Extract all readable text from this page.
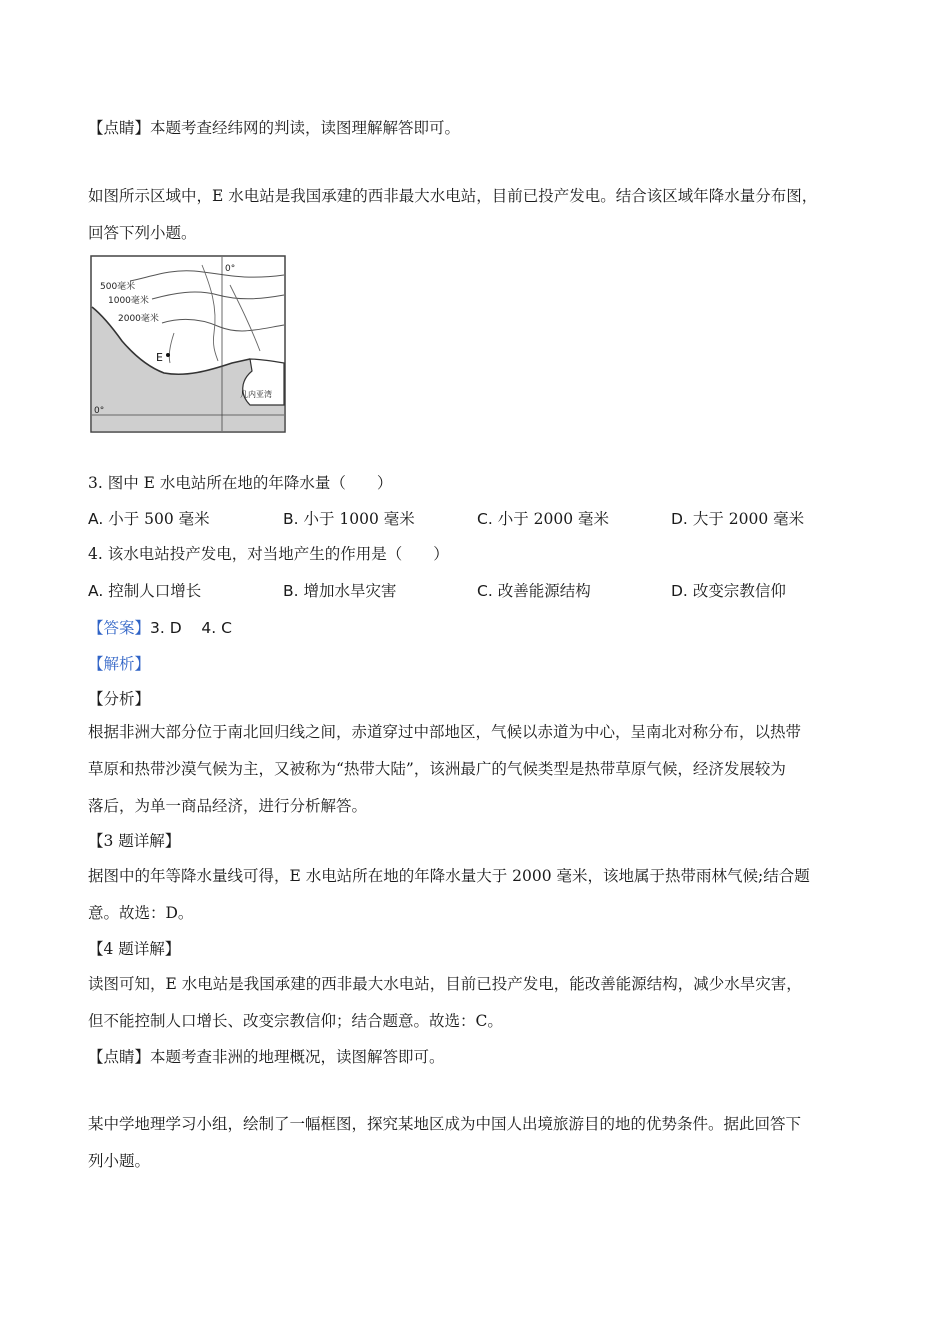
【点睛】本题考查经纬网的判读，读图理解解答即可。
如图所示区域中，E 水电站是我国承建的西非最大水电站，目前已投产发电。结合该区域年降水量分布图，
回答下列小题。
500毫米
1000毫米
2000毫米
0°
0°
E
几内亚湾
3. 图中 E 水电站所在地的年降水量（　　）
A. 小于 500 毫米	B. 小于 1000 毫米	C. 小于 2000 毫米	D. 大于 2000 毫米
4. 该水电站投产发电，对当地产生的作用是（　　）
A. 控制人口增长	B. 增加水旱灾害	C. 改善能源结构	D. 改变宗教信仰
【答案】3. D    4. C
【解析】
【分析】
根据非洲大部分位于南北回归线之间，赤道穿过中部地区，气候以赤道为中心，呈南北对称分布，以热带
草原和热带沙漠气候为主，又被称为“热带大陆”，该洲最广的气候类型是热带草原气候，经济发展较为
落后，为单一商品经济，进行分析解答。
【3 题详解】
据图中的年等降水量线可得，E 水电站所在地的年降水量大于 2000 毫米，该地属于热带雨林气候;结合题
意。故选：D。
【4 题详解】
读图可知，E 水电站是我国承建的西非最大水电站，目前已投产发电，能改善能源结构，减少水旱灾害，
但不能控制人口增长、改变宗教信仰；结合题意。故选：C。
【点睛】本题考查非洲的地理概况，读图解答即可。
某中学地理学习小组，绘制了一幅框图，探究某地区成为中国人出境旅游目的地的优势条件。据此回答下
列小题。
